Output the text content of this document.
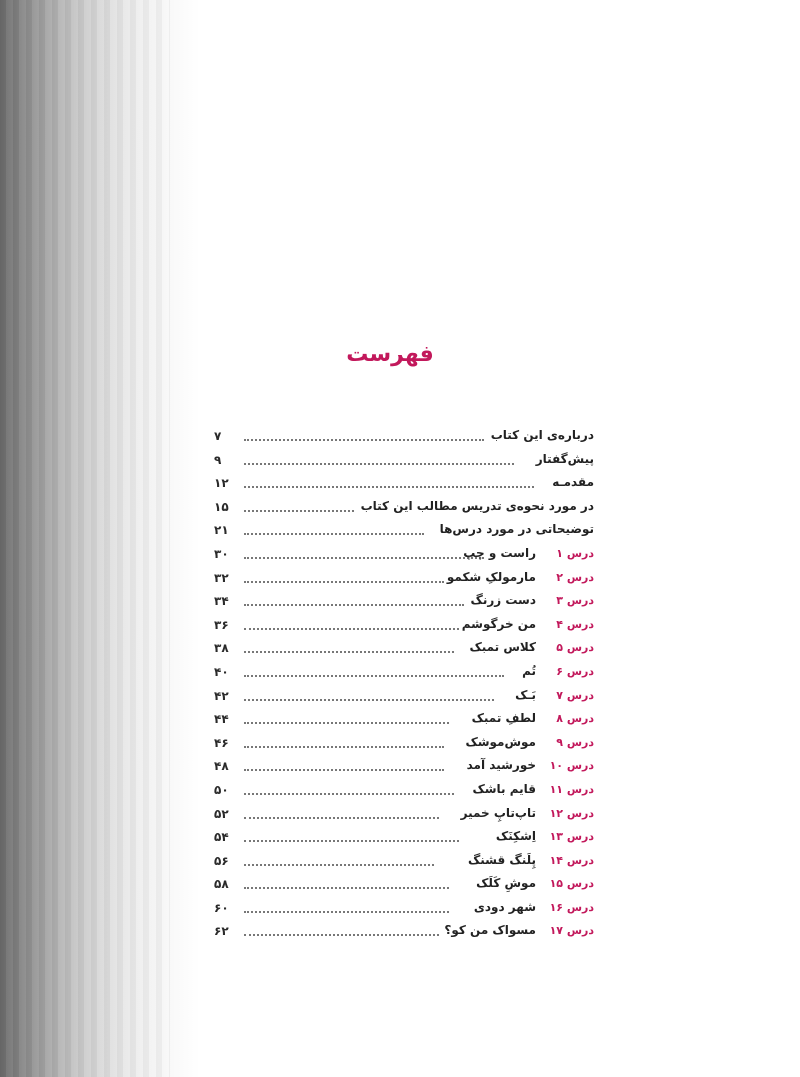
فهرست
۷	درباره‌ی این کتاب
۹	پیش‌گفتار
۱۲	مقدمـه
۱۵	در مورد نحوه‌ی تدریس مطالب این کتاب
۲۱	توضیحاتی در مورد درس‌ها
۳۰	راست و چپ	درس ۱
۳۲	مارمولکِ شکمو	درس ۲
۳۴	دست زرنگ	درس ۳
۳۶	من خرگوشم	درس ۴
۳۸	کلاس تمبک	درس ۵
۴۰	تُم	درس ۶
۴۲	بَـک	درس ۷
۴۴	لطفِ تمبک	درس ۸
۴۶	موش‌موشک	درس ۹
۴۸	خورشید آمد	درس ۱۰
۵۰	قایم باشک	درس ۱۱
۵۲	تاپ‌تاپِ خمیر	درس ۱۲
۵۴	اِشکِنَک	درس ۱۳
۵۶	پِلَنگ قشنگ	درس ۱۴
۵۸	موشِ کَلَک	درس ۱۵
۶۰	شهر دودی	درس ۱۶
۶۲	مسواک من کو؟	درس ۱۷
